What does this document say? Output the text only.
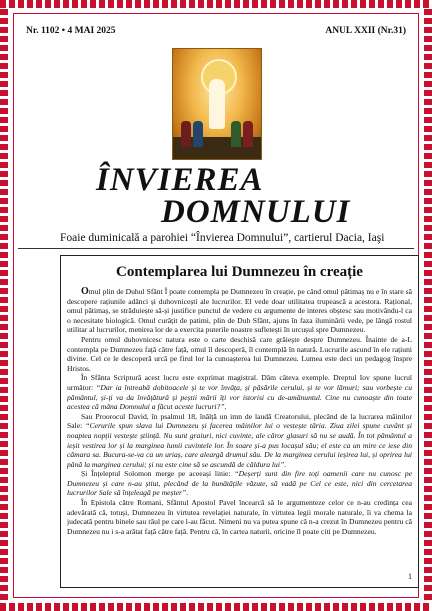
Nr. 1102 • 4 MAI 2025	ANUL XXII (Nr.31)
ÎNVIEREA
DOMNULUI
Foaie duminicală a parohiei “Învierea Domnului”, cartierul Dacia, Iaşi
Contemplarea lui Dumnezeu în creație

Omul plin de Duhul Sfânt Î poate contempla pe Dumnezeu în creație, pe când omul pătimaș nu e în stare să descopere rațiunile adânci și duhovnicești ale lucrurilor. El vede doar utilitatea trupească a acestora. Rațional, omul pătimaș, se străduiește să-și justifice punctul de vedere cu argumente de interes obștesc sau motivându-l ca o necesitate biologică. Omul curățit de patimi, plin de Duh Sfânt, ajuns în faza iluminării vede, pe lângă rostul utilitar al lucrurilor, menirea lor de a exercita puterile noastre sufletești în urcușul spre Dumnezeu.

Pentru omul duhovnicesc natura este o carte deschisă care grăiește despre Dumnezeu. Înainte de a-L contempla pe Dumnezeu față către față, omul îl descoperă, îl contemplă în natură. Lucrurile ascund în ele rațiuni divine. Cel ce le descoperă urcă pe firul lor la cunoașterea lui Dumnezeu. Lumea este deci un pedagog înspre Hristos.

În Sfânta Scriptură acest lucru este exprimat magistral. Dăm câteva exemple. Dreptul Iov spune lucrul următor: “Dar ia întreabă dobitoacele și te vor învăța, și păsările cerului, și te vor lămuri; sau vorbește cu pământul, și-ți va da învățătură și peștii mării îți vor istorisi cu de-amănuntul. Cine nu cunoaște din toate acestea că mâna Domnului a făcut aceste lucruri?”.

Sau Proorocul David, în psalmul 18, înălță un imn de laudă Creatorului, plecând de la lucrarea mâinilor Sale: “Cerurile spun slava lui Dumnezeu și facerea mâinilor lui o vestește tăria. Ziua zilei spune cuvânt și noaptea nopții vestește știință. Nu sunt graiuri, nici cuvinte, ale căror glasuri să nu se audă. În tot pământul a ieșit vestirea lor și la marginea lumii cuvintele lor. În soare și-a pus locașul său; el este ca un mire ce iese din cămara sa. Bucura-se-va ca un uriaș, care aleargă drumul său. De la marginea cerului ieșirea lui, și oprirea lui până la marginea cerului; și nu este cine să se ascundă de căldura lui”.

Și Înțeleptul Solomon merge pe aceeași linie: “Deșerți sunt din fire toți oamenii care nu cunosc pe Dumnezeu și care n-au știut, plecând de la bunătățile văzute, să vadă pe Cel ce este, nici din cercetarea lucrurilor Sale să înțeleagă pe meșter”.

În Epistola către Romani, Sfântul Apostol Pavel încearcă să le argumenteze celor ce n-au credința cea adevărată că, totuși, Dumnezeu în virtutea revelației naturale, în virtutea legii morale naturale, îi va chema la judecată pentru binele sau răul pe care l-au făcut. Nimeni nu va putea spune că n-a crezut în Dumnezeu pentru că Dumnezeu nu i s-a arătat față către față. Pentru că, în cartea naturii, oricine îl poate citi pe Dumnezeu.

1
